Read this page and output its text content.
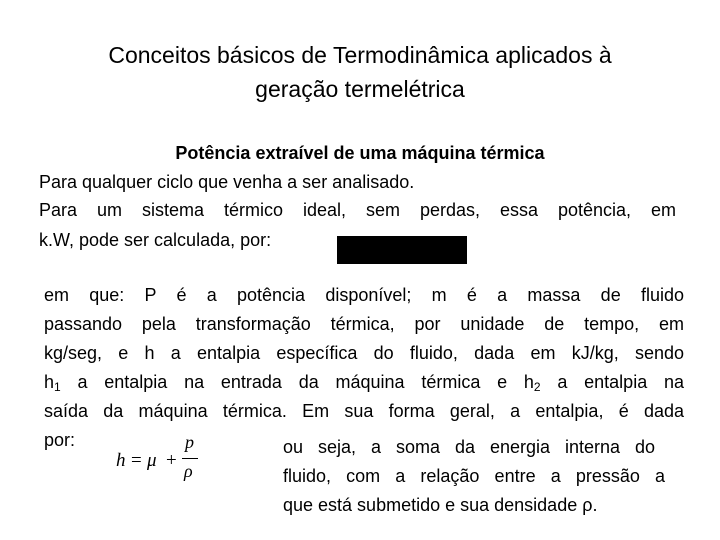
Conceitos básicos de Termodinâmica aplicados à
geração termelétrica
Potência extraível de uma máquina térmica
Para qualquer ciclo que venha a ser analisado.
Para um sistema térmico ideal, sem perdas, essa potência, em
k.W, pode ser calculada, por:
em que: P é a potência disponível; m é a massa de fluido
passando pela transformação térmica, por unidade de tempo, em
kg/seg, e h a entalpia específica do fluido, dada em kJ/kg, sendo
$h_1$ a entalpia na entrada da máquina térmica e $h_2$ a entalpia na
saída da máquina térmica. Em sua forma geral, a entalpia, é dada
por:
h = μ +
p
ρ
ou seja, a soma da energia interna do
fluido, com a relação entre a pressão a
que está submetido e sua densidade ρ.
